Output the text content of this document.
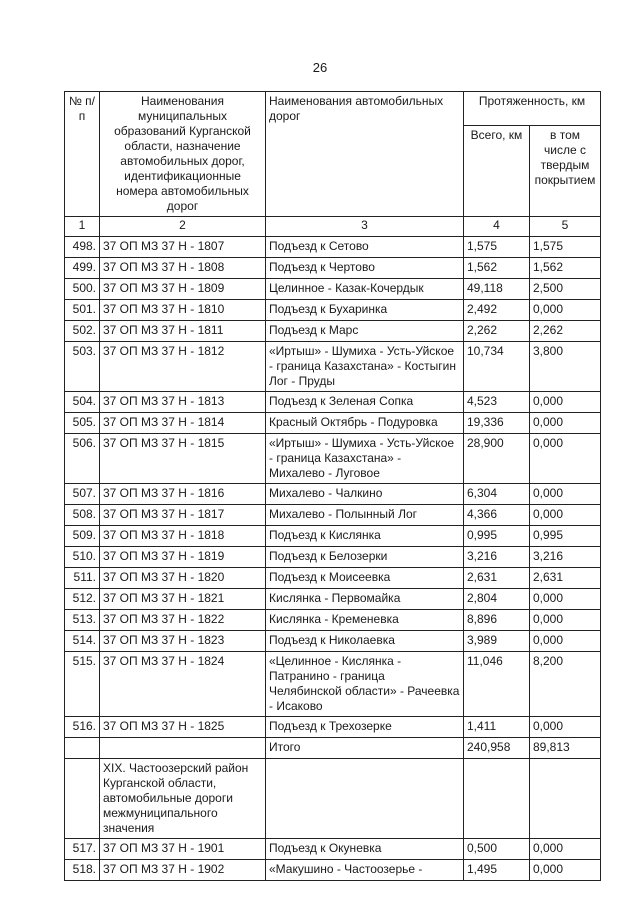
26
№ п/п	Наименования муниципальных образований Курганской области, назначение автомобильных дорог, идентификационные номера автомобильных дорог	Наименования автомобильных дорог	Протяженность, км	
			Всего, км	в том числе с твердым покрытием
1	2	3	4	5
498.	37 ОП МЗ 37 Н - 1807	Подъезд к Сетово	1,575	1,575
499.	37 ОП МЗ 37 Н - 1808	Подъезд к Чертово	1,562	1,562
500.	37 ОП МЗ 37 Н - 1809	Целинное - Казак-Кочердык	49,118	2,500
501.	37 ОП МЗ 37 Н - 1810	Подъезд к Бухаринка	2,492	0,000
502.	37 ОП МЗ 37 Н - 1811	Подъезд к Марс	2,262	2,262
503.	37 ОП МЗ 37 Н - 1812	«Иртыш» - Шумиха - Усть-Уйское - граница Казахстана» - Костыгин Лог - Пруды	10,734	3,800
504.	37 ОП МЗ 37 Н - 1813	Подъезд к Зеленая Сопка	4,523	0,000
505.	37 ОП МЗ 37 Н - 1814	Красный Октябрь - Подуровка	19,336	0,000
506.	37 ОП МЗ 37 Н - 1815	«Иртыш» - Шумиха - Усть-Уйское - граница Казахстана» - Михалево - Луговое	28,900	0,000
507.	37 ОП МЗ 37 Н - 1816	Михалево - Чалкино	6,304	0,000
508.	37 ОП МЗ 37 Н - 1817	Михалево - Полынный Лог	4,366	0,000
509.	37 ОП МЗ 37 Н - 1818	Подъезд к Кислянка	0,995	0,995
510.	37 ОП МЗ 37 Н - 1819	Подъезд к Белозерки	3,216	3,216
511.	37 ОП МЗ 37 Н - 1820	Подъезд к Моисеевка	2,631	2,631
512.	37 ОП МЗ 37 Н - 1821	Кислянка - Первомайка	2,804	0,000
513.	37 ОП МЗ 37 Н - 1822	Кислянка - Кременевка	8,896	0,000
514.	37 ОП МЗ 37 Н - 1823	Подъезд к Николаевка	3,989	0,000
515.	37 ОП МЗ 37 Н - 1824	«Целинное - Кислянка - Патранино - граница Челябинской области» - Рачеевка - Исаково	11,046	8,200
516.	37 ОП МЗ 37 Н - 1825	Подъезд к Трехозерке	1,411	0,000
		Итого	240,958	89,813
	XIX. Частоозерский район Курганской области, автомобильные дороги межмуниципального значения			
517.	37 ОП МЗ 37 Н - 1901	Подъезд к Окуневка	0,500	0,000
518.	37 ОП МЗ 37 Н - 1902	«Макушино - Частоозерье -	1,495	0,000
